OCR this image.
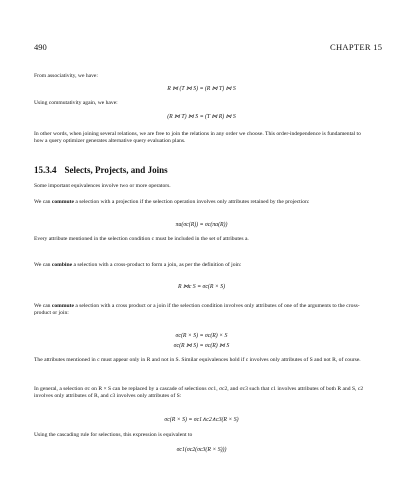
490	CHAPTER 15
From associativity, we have:
R ⋈ (T ⋈ S) ≡ (R ⋈ T) ⋈ S
Using commutativity again, we have:
(R ⋈ T) ⋈ S ≡ (T ⋈ R) ⋈ S
In other words, when joining several relations, we are free to join the relations in any order we choose. This order-independence is fundamental to how a query optimizer generates alternative query evaluation plans.
15.3.4 Selects, Projects, and Joins
Some important equivalences involve two or more operators.
We can commute a selection with a projection if the selection operation involves only attributes retained by the projection:
πa(σc(R)) ≡ σc(πa(R))
Every attribute mentioned in the selection condition c must be included in the set of attributes a.
We can combine a selection with a cross-product to form a join, as per the definition of join:
R ⋈c S ≡ σc(R × S)
We can commute a selection with a cross product or a join if the selection condition involves only attributes of one of the arguments to the cross-product or join:
σc(R × S) ≡ σc(R) × S
σc(R ⋈ S) ≡ σc(R) ⋈ S
The attributes mentioned in c must appear only in R and not in S. Similar equivalences hold if c involves only attributes of S and not R, of course.
In general, a selection σc on R × S can be replaced by a cascade of selections σc1, σc2, and σc3 such that c1 involves attributes of both R and S, c2 involves only attributes of R, and c3 involves only attributes of S:
σc(R × S) ≡ σc1∧c2∧c3(R × S)
Using the cascading rule for selections, this expression is equivalent to
σc1(σc2(σc3(R × S)))
